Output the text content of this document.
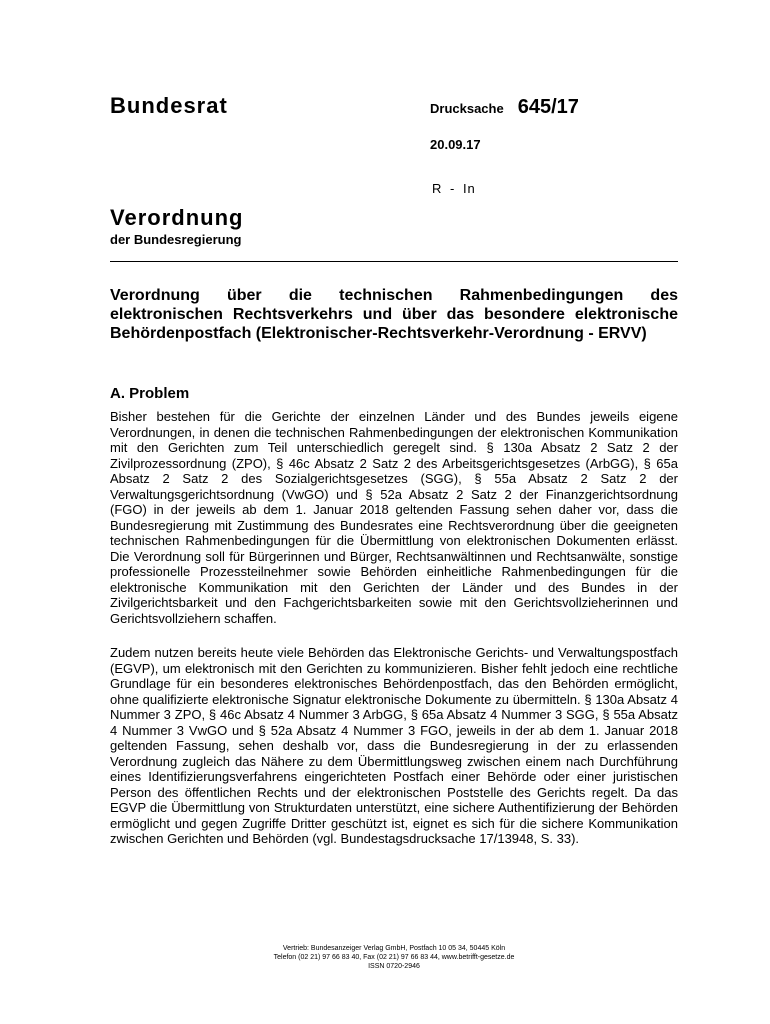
Bundesrat	Drucksache 645/17
20.09.17
R - In
Verordnung
der Bundesregierung
Verordnung über die technischen Rahmenbedingungen des elektronischen Rechtsverkehrs und über das besondere elektronische Behördenpostfach (Elektronischer-Rechtsverkehr-Verordnung - ERVV)
A. Problem

Bisher bestehen für die Gerichte der einzelnen Länder und des Bundes jeweils eigene Verordnungen, in denen die technischen Rahmenbedingungen der elektronischen Kommunikation mit den Gerichten zum Teil unterschiedlich geregelt sind. § 130a Absatz 2 Satz 2 der Zivilprozessordnung (ZPO), § 46c Absatz 2 Satz 2 des Arbeitsgerichtsgesetzes (ArbGG), § 65a Absatz 2 Satz 2 des Sozialgerichtsgesetzes (SGG), § 55a Absatz 2 Satz 2 der Verwaltungsgerichtsordnung (VwGO) und § 52a Absatz 2 Satz 2 der Finanzgerichtsordnung (FGO) in der jeweils ab dem 1. Januar 2018 geltenden Fassung sehen daher vor, dass die Bundesregierung mit Zustimmung des Bundesrates eine Rechtsverordnung über die geeigneten technischen Rahmenbedingungen für die Übermittlung von elektronischen Dokumenten erlässt. Die Verordnung soll für Bürgerinnen und Bürger, Rechtsanwältinnen und Rechtsanwälte, sonstige professionelle Prozessteilnehmer sowie Behörden einheitliche Rahmenbedingungen für die elektronische Kommunikation mit den Gerichten der Länder und des Bundes in der Zivilgerichtsbarkeit und den Fachgerichtsbarkeiten sowie mit den Gerichtsvollzieherinnen und Gerichtsvollziehern schaffen.

Zudem nutzen bereits heute viele Behörden das Elektronische Gerichts- und Verwaltungspostfach (EGVP), um elektronisch mit den Gerichten zu kommunizieren. Bisher fehlt jedoch eine rechtliche Grundlage für ein besonderes elektronisches Behördenpostfach, das den Behörden ermöglicht, ohne qualifizierte elektronische Signatur elektronische Dokumente zu übermitteln. § 130a Absatz 4 Nummer 3 ZPO, § 46c Absatz 4 Nummer 3 ArbGG, § 65a Absatz 4 Nummer 3 SGG, § 55a Absatz 4 Nummer 3 VwGO und § 52a Absatz 4 Nummer 3 FGO, jeweils in der ab dem 1. Januar 2018 geltenden Fassung, sehen deshalb vor, dass die Bundesregierung in der zu erlassenden Verordnung zugleich das Nähere zu dem Übermittlungsweg zwischen einem nach Durchführung eines Identifizierungsverfahrens eingerichteten Postfach einer Behörde oder einer juristischen Person des öffentlichen Rechts und der elektronischen Poststelle des Gerichts regelt. Da das EGVP die Übermittlung von Strukturdaten unterstützt, eine sichere Authentifizierung der Behörden ermöglicht und gegen Zugriffe Dritter geschützt ist, eignet es sich für die sichere Kommunikation zwischen Gerichten und Behörden (vgl. Bundestagsdrucksache 17/13948, S. 33).

Vertrieb: Bundesanzeiger Verlag GmbH, Postfach 10 05 34, 50445 Köln
Telefon (02 21) 97 66 83 40, Fax (02 21) 97 66 83 44, www.betrifft-gesetze.de
ISSN 0720-2946
